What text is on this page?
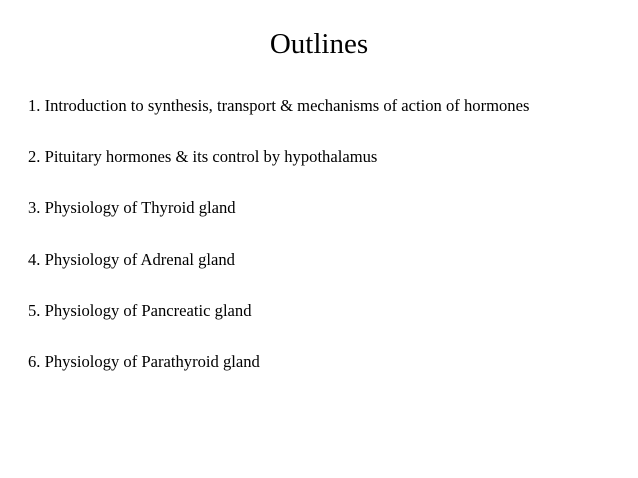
Outlines
1. Introduction to synthesis, transport & mechanisms of action of hormones
2. Pituitary hormones & its control by hypothalamus
3. Physiology of Thyroid gland
4. Physiology of Adrenal gland
5. Physiology of Pancreatic gland
6. Physiology of Parathyroid gland
